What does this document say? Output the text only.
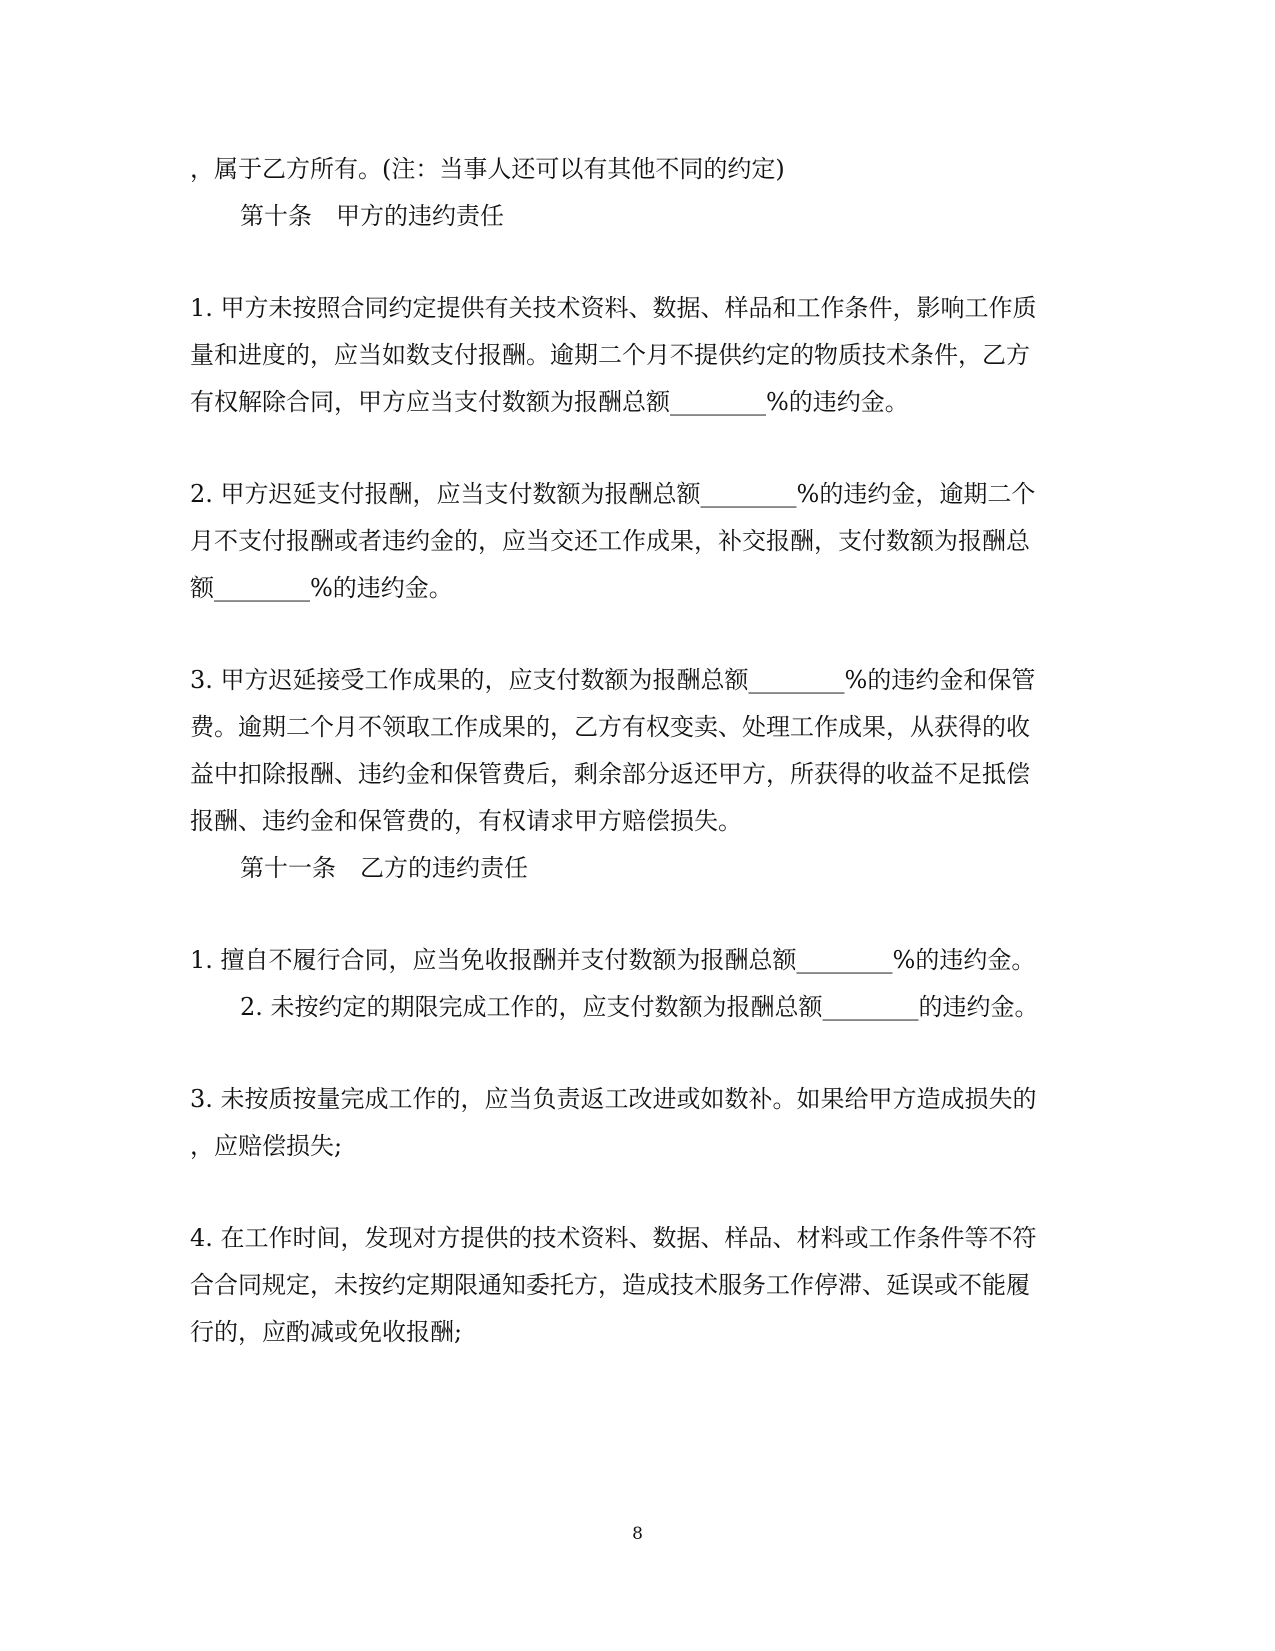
，属于乙方所有。(注：当事人还可以有其他不同的约定)
第十条　甲方的违约责任
1. 甲方未按照合同约定提供有关技术资料、数据、样品和工作条件，影响工作质
量和进度的，应当如数支付报酬。逾期二个月不提供约定的物质技术条件，乙方
有权解除合同，甲方应当支付数额为报酬总额________%的违约金。
2. 甲方迟延支付报酬，应当支付数额为报酬总额________%的违约金，逾期二个
月不支付报酬或者违约金的，应当交还工作成果，补交报酬，支付数额为报酬总
额________%的违约金。
3. 甲方迟延接受工作成果的，应支付数额为报酬总额________%的违约金和保管
费。逾期二个月不领取工作成果的，乙方有权变卖、处理工作成果，从获得的收
益中扣除报酬、违约金和保管费后，剩余部分返还甲方，所获得的收益不足抵偿
报酬、违约金和保管费的，有权请求甲方赔偿损失。
第十一条　乙方的违约责任
1. 擅自不履行合同，应当免收报酬并支付数额为报酬总额________%的违约金。
2. 未按约定的期限完成工作的，应支付数额为报酬总额________的违约金。
3. 未按质按量完成工作的，应当负责返工改进或如数补。如果给甲方造成损失的
，应赔偿损失;
4. 在工作时间，发现对方提供的技术资料、数据、样品、材料或工作条件等不符
合合同规定，未按约定期限通知委托方，造成技术服务工作停滞、延误或不能履
行的，应酌减或免收报酬;
8
